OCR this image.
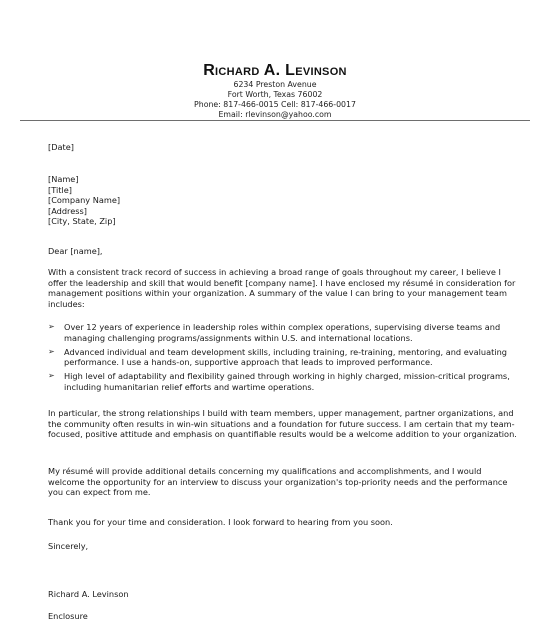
Richard A. Levinson
6234 Preston Avenue
Fort Worth, Texas 76002
Phone: 817-466-0015 Cell: 817-466-0017
Email: rlevinson@yahoo.com

[Date]

[Name]

[Title]

[Company Name]

[Address]

[City, State, Zip]

Dear [name],

With a consistent track record of success in achieving a broad range of goals throughout my career, I believe I offer the leadership and skill that would benefit [company name]. I have enclosed my résumé in consideration for management positions within your organization. A summary of the value I can bring to your management team includes:

➢ Over 12 years of experience in leadership roles within complex operations, supervising diverse teams and managing challenging programs/assignments within U.S. and international locations.
➢ Advanced individual and team development skills, including training, re-training, mentoring, and evaluating performance. I use a hands-on, supportive approach that leads to improved performance.
➢ High level of adaptability and flexibility gained through working in highly charged, mission-critical programs, including humanitarian relief efforts and wartime operations.

In particular, the strong relationships I build with team members, upper management, partner organizations, and the community often results in win-win situations and a foundation for future success. I am certain that my team-focused, positive attitude and emphasis on quantifiable results would be a welcome addition to your organization.

My résumé will provide additional details concerning my qualifications and accomplishments, and I would welcome the opportunity for an interview to discuss your organization's top-priority needs and the performance you can expect from me.

Thank you for your time and consideration. I look forward to hearing from you soon.

Sincerely,

Richard A. Levinson

Enclosure
